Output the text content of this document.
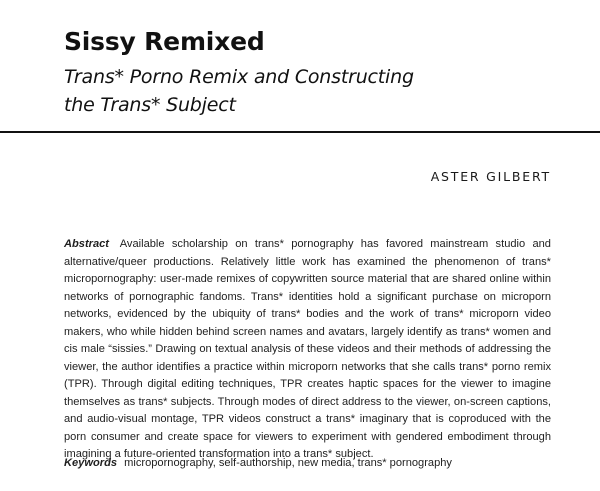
Sissy Remixed
Trans* Porno Remix and Constructing
the Trans* Subject
ASTER GILBERT

Abstract Available scholarship on trans* pornography has favored mainstream studio and alternative/queer productions. Relatively little work has examined the phenomenon of trans* micropornography: user-made remixes of copywritten source material that are shared online within networks of pornographic fandoms. Trans* identities hold a significant purchase on microporn networks, evidenced by the ubiquity of trans* bodies and the work of trans* microporn video makers, who while hidden behind screen names and avatars, largely identify as trans* women and cis male “sissies.” Drawing on textual analysis of these videos and their methods of addressing the viewer, the author identifies a practice within microporn networks that she calls trans* porno remix (TPR). Through digital editing techniques, TPR creates haptic spaces for the viewer to imagine themselves as trans* subjects. Through modes of direct address to the viewer, on-screen captions, and audio-visual montage, TPR videos construct a trans* imaginary that is coproduced with the porn consumer and create space for viewers to experiment with gendered embodiment through imagining a future-oriented transformation into a trans* subject.

Keywords micropornography, self-authorship, new media, trans* pornography
